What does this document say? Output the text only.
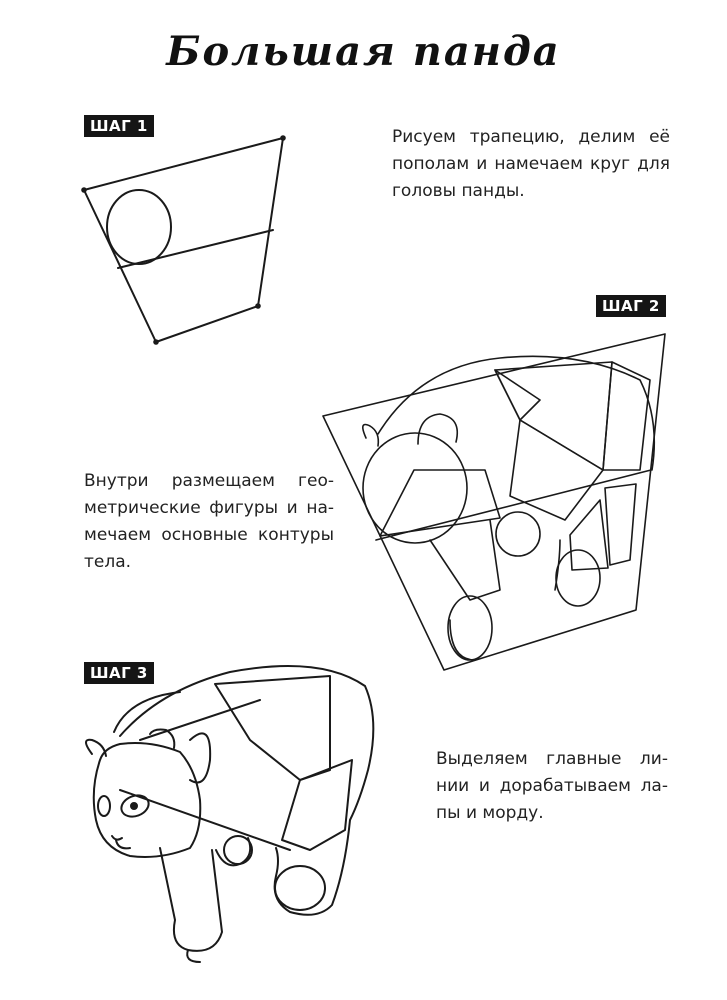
Большая панда
ШАГ 1
Рисуем трапецию, делим её пополам и намечаем круг для головы панды.
ШАГ 2
Внутри размещаем геометрические фигуры и намечаем основные контуры тела.
ШАГ 3
Выделяем главные линии и дорабатываем лапы и морду.
